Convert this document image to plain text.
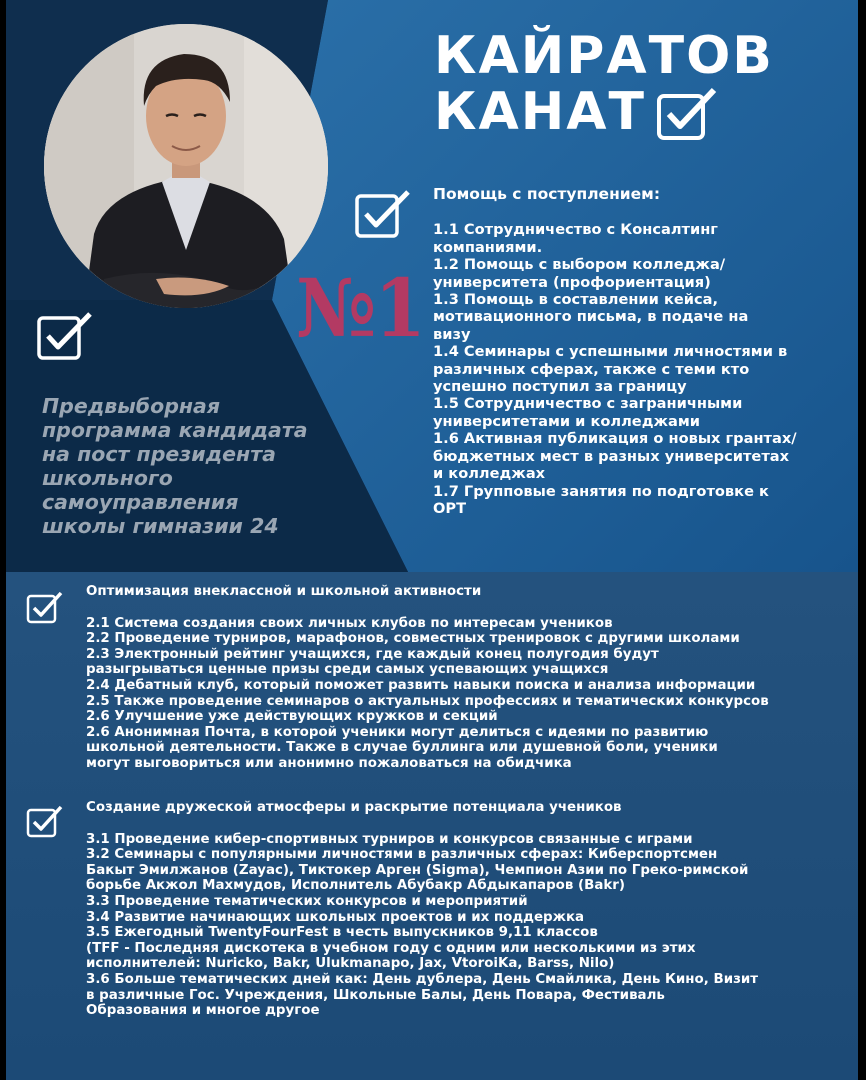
КАЙРАТОВ
КАНАТ
№1
Предвыборная
программа кандидата
на пост президента
школьного
самоуправления
школы гимназии 24
Помощь с поступлением:
1.1 Сотрудничество с Консалтинг
компаниями.
1.2 Помощь с выбором колледжа/
университета (профориентация)
1.3 Помощь в составлении кейса,
мотивационного письма, в подаче на
визу
1.4 Семинары с успешными личностями в
различных сферах, также с теми кто
успешно поступил за границу
1.5 Сотрудничество с заграничными
университетами и колледжами
1.6 Активная публикация о новых грантах/
бюджетных мест в разных университетах
и колледжах
1.7 Групповые занятия по подготовке к
ОРТ
Оптимизация внеклассной и школьной активности
2.1 Система создания своих личных клубов по интересам учеников
2.2 Проведение турниров, марафонов, совместных тренировок с другими школами
2.3 Электронный рейтинг учащихся, где каждый конец полугодия будут
разыгрываться ценные призы среди самых успевающих учащихся
2.4 Дебатный клуб, который поможет развить навыки поиска и анализа информации
2.5 Также проведение семинаров о актуальных профессиях и тематических конкурсов
2.6 Улучшение уже действующих кружков и секций
2.6 Анонимная Почта, в которой ученики могут делиться с идеями по развитию
школьной деятельности. Также в случае буллинга или душевной боли, ученики
могут выговориться или анонимно пожаловаться на обидчика
Создание дружеской атмосферы и раскрытие потенциала учеников
3.1 Проведение кибер-спортивных турниров и конкурсов связанные с играми
3.2 Семинары с популярными личностями в различных сферах: Киберспортсмен
Бакыт Эмилжанов (Zayac), Тиктокер Арген (Sigma), Чемпион Азии по Греко-римской
борьбе Акжол Махмудов, Исполнитель Абубакр Абдыкапаров (Bakr)
3.3 Проведение тематических конкурсов и мероприятий
3.4 Развитие начинающих школьных проектов и их поддержка
3.5 Ежегодный TwentyFourFest в честь выпускников 9,11 классов
(TFF - Последняя дискотека в учебном году с одним или несколькими из этих
исполнителей: Nuricko, Bakr, Ulukmanapo, Jax, VtoroiKa, Barss, Nilo)
3.6 Больше тематических дней как: День дублера, День Смайлика, День Кино, Визит
в различные Гос. Учреждения, Школьные Балы, День Повара, Фестиваль
Образования и многое другое
